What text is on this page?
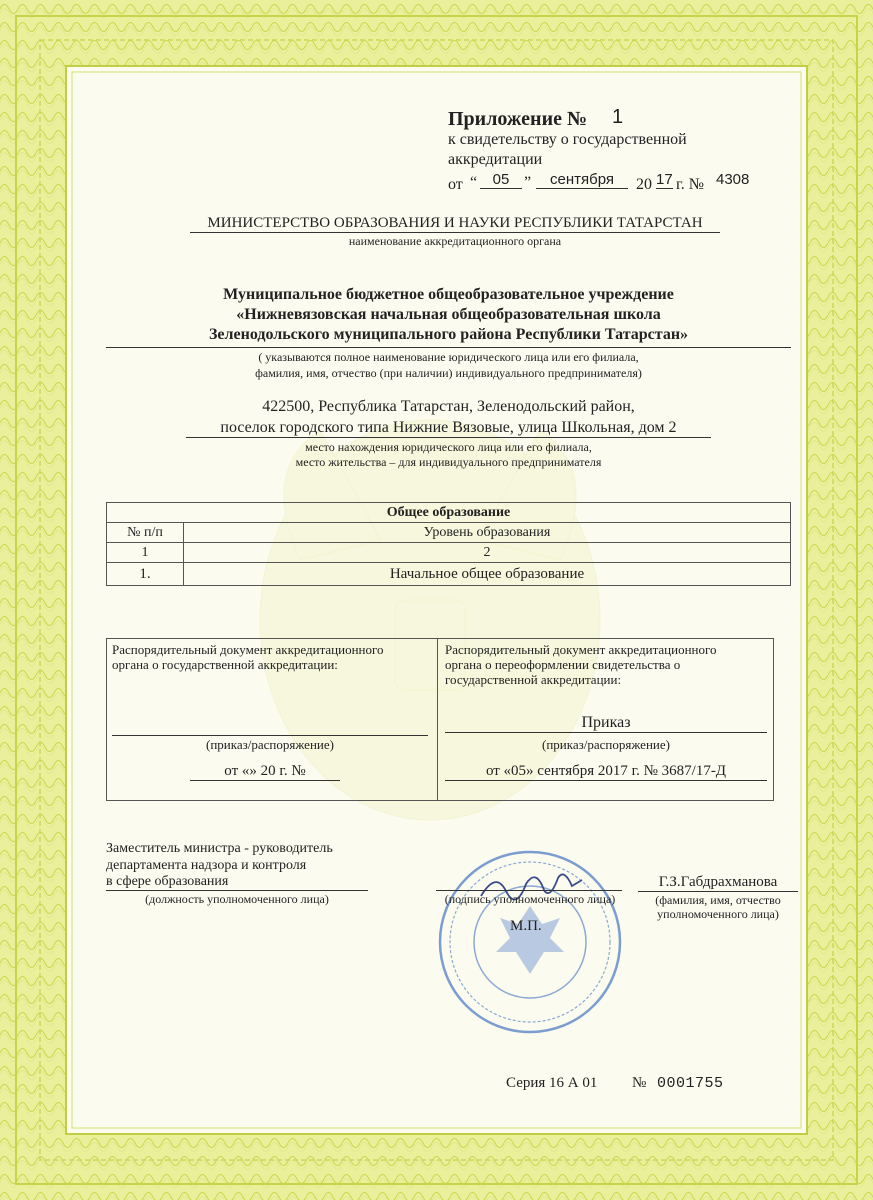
Приложение № 1
к свидетельству о государственной
аккредитации
от “	05 ”	сентября	20 17 г. № 4308
МИНИСТЕРСТВО ОБРАЗОВАНИЯ И НАУКИ РЕСПУБЛИКИ ТАТАРСТАН
наименование аккредитационного органа
Муниципальное бюджетное общеобразовательное учреждение
«Нижневязовская начальная общеобразовательная школа
Зеленодольского муниципального района Республики Татарстан»
( указываются полное наименование юридического лица или его филиала,
фамилия, имя, отчество (при наличии) индивидуального предпринимателя)
422500, Республика Татарстан, Зеленодольский район,
поселок городского типа Нижние Вязовые, улица Школьная, дом 2
место нахождения юридического лица или его филиала,
место жительства – для индивидуального предпринимателя
Общее образование	
№ п/п	Уровень образования
1	2
1.	Начальное общее образование
Распорядительный документ аккредитационного
органа о государственной аккредитации:
(приказ/распоряжение)
от «» 20 г. №
Распорядительный документ аккредитационного
органа о переоформлении свидетельства о
государственной аккредитации:
Приказ
(приказ/распоряжение)
от «05» сентября 2017 г. № 3687/17-Д
Заместитель министра - руководитель
департамента надзора и контроля
в сфере образования
(должность уполномоченного лица)	(подпись уполномоченного лица)
М.П.
Г.З.Габдрахманова
(фамилия, имя, отчество
уполномоченного лица)
Серия 16 А 01 № 0001755
